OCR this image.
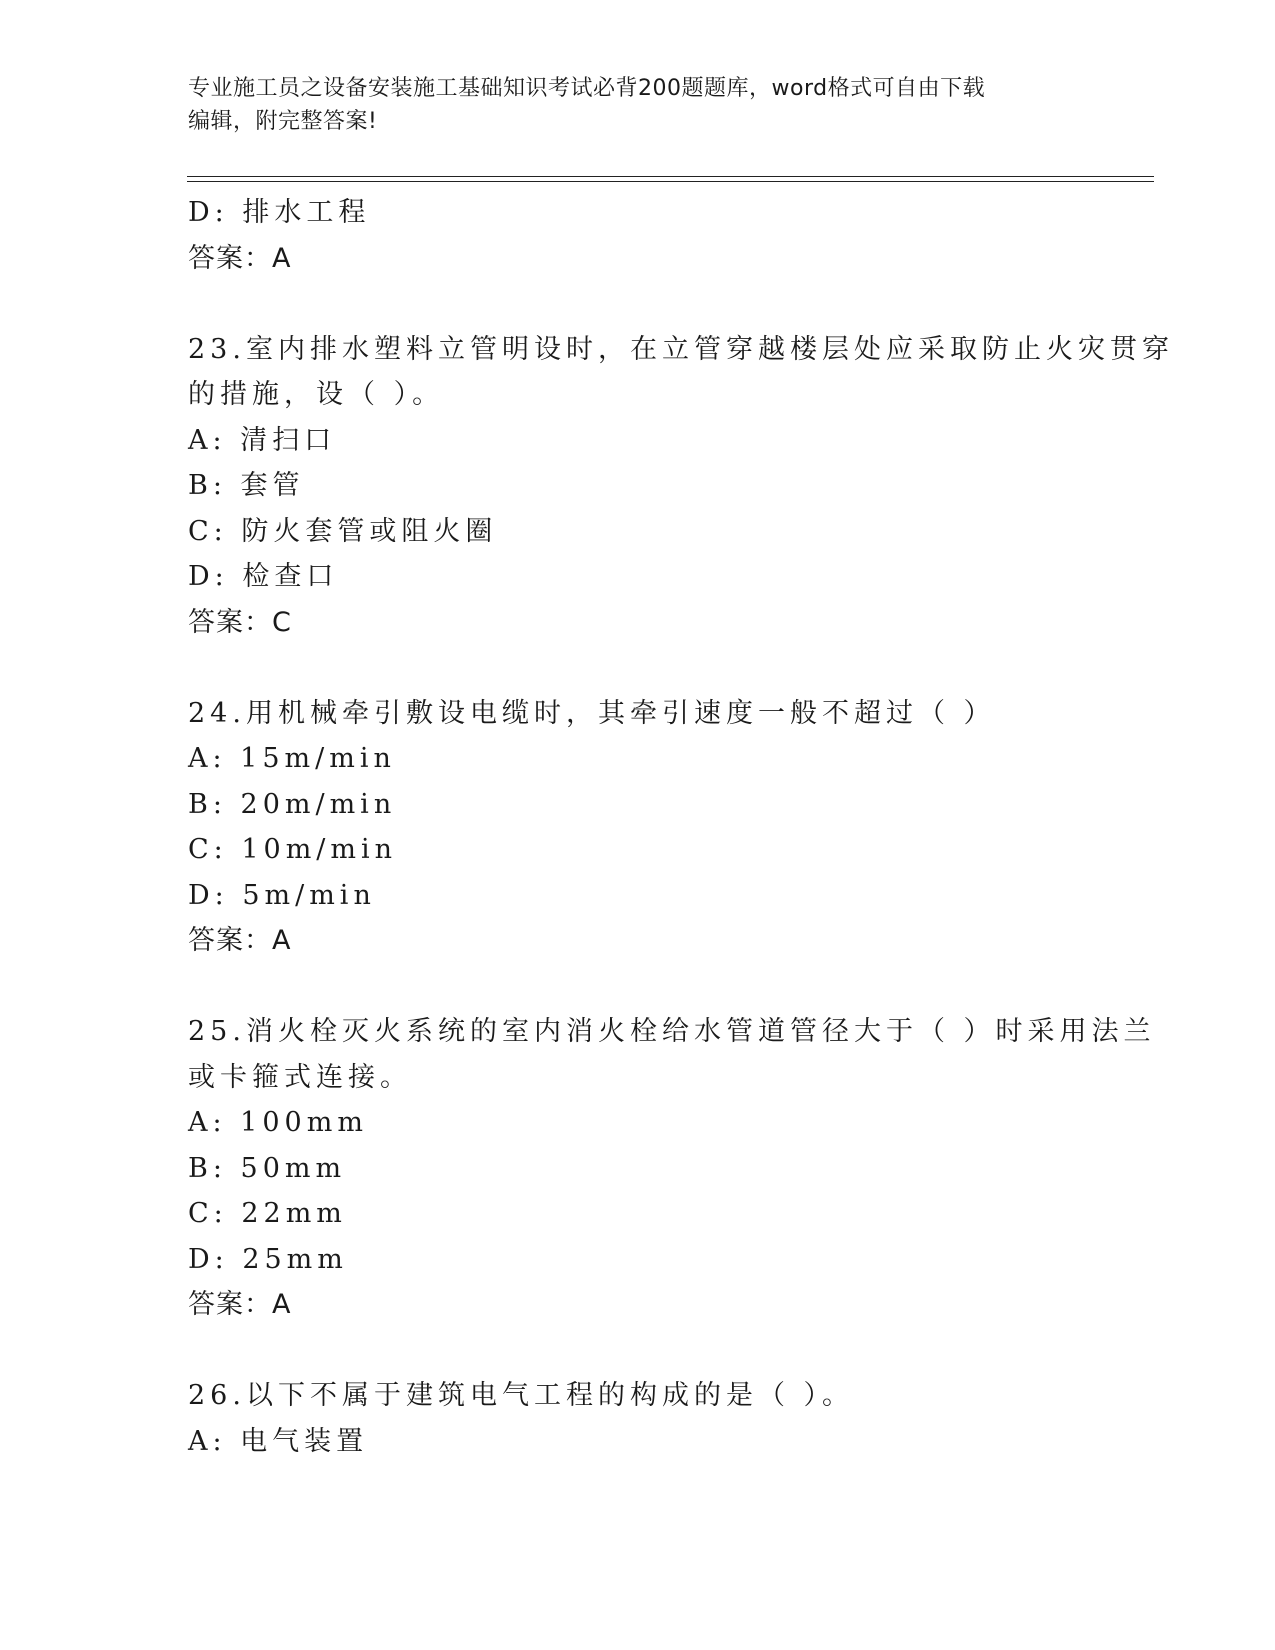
专业施工员之设备安装施工基础知识考试必背200题题库，word格式可自由下载
编辑，附完整答案!
D: 排水工程
答案：A
23.室内排水塑料立管明设时，在立管穿越楼层处应采取防止火灾贯穿
的措施，设（ ）。
A: 清扫口
B: 套管
C: 防火套管或阻火圈
D: 检查口
答案：C
24.用机械牵引敷设电缆时，其牵引速度一般不超过（ ）
A: 15m/min
B: 20m/min
C: 10m/min
D: 5m/min
答案：A
25.消火栓灭火系统的室内消火栓给水管道管径大于（ ）时采用法兰
或卡箍式连接。
A: 100mm
B: 50mm
C: 22mm
D: 25mm
答案：A
26.以下不属于建筑电气工程的构成的是（ ）。
A: 电气装置
